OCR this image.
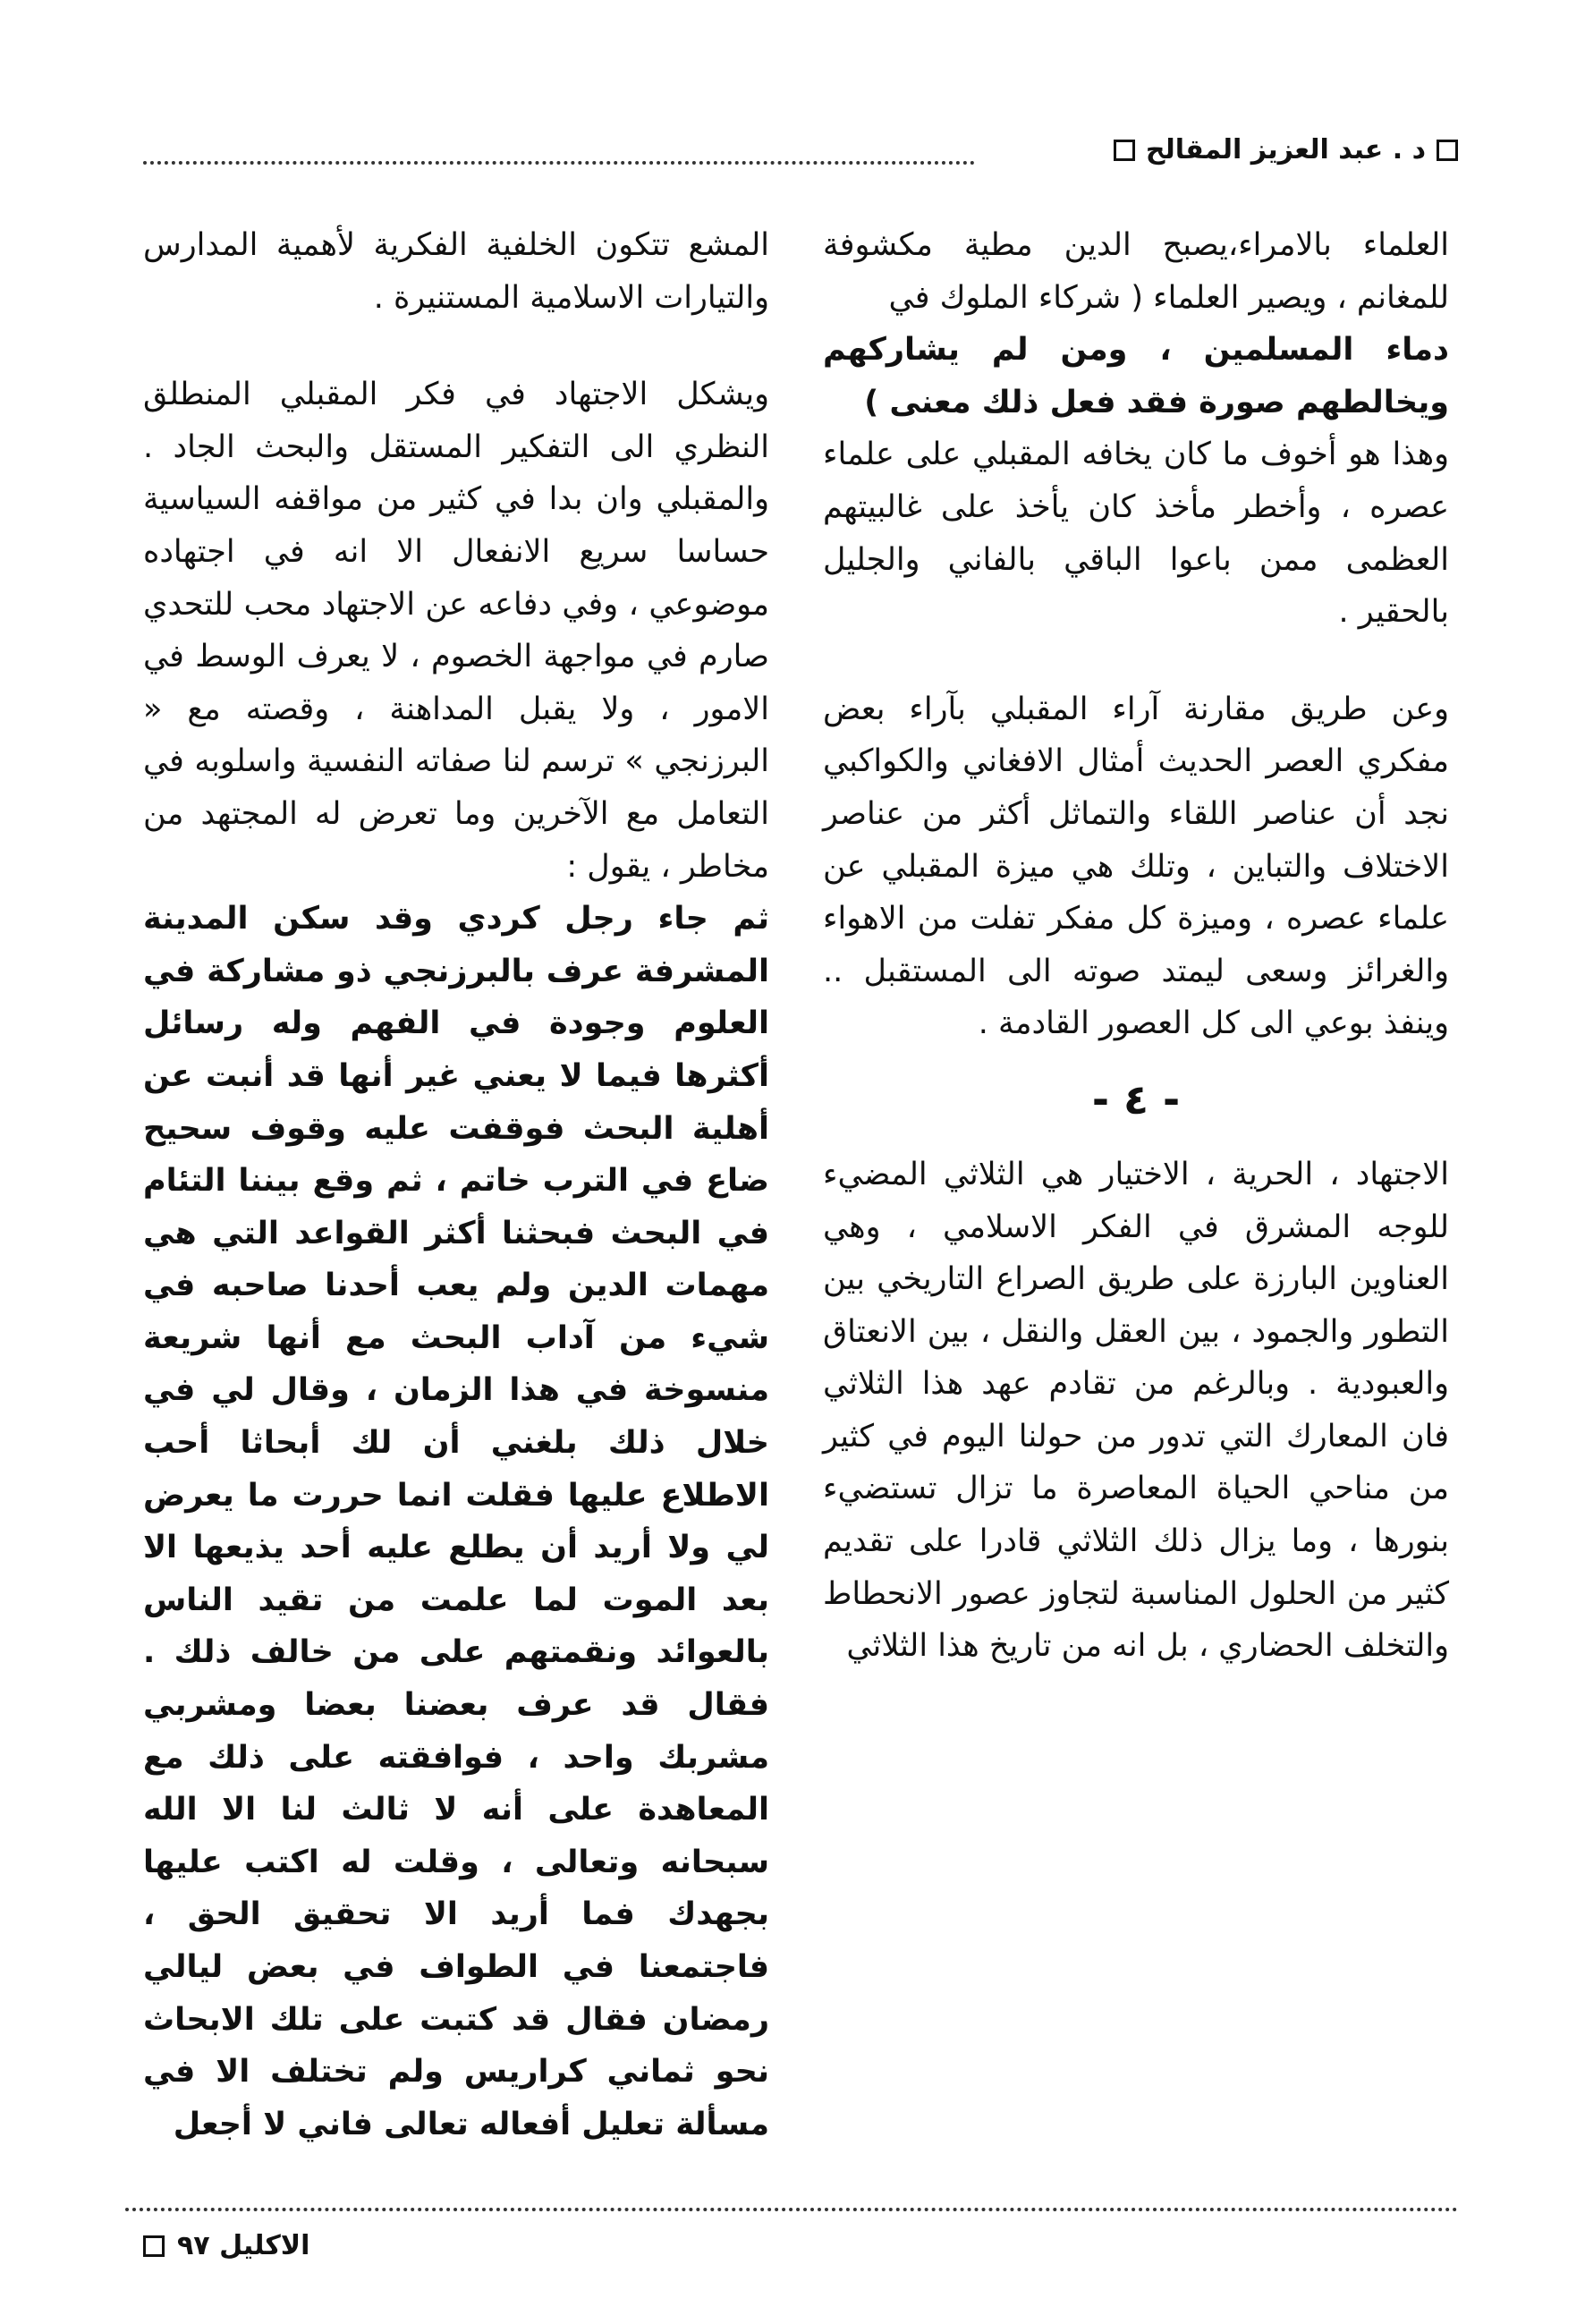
د . عبد العزيز المقالح

العلماء بالامراء،يصبح الدين مطية مكشوفة للمغانم ، ويصير العلماء ( شركاء الملوك في

دماء المسلمين ، ومن لم يشاركهم ويخالطهم صورة فقد فعل ذلك معنى )

وهذا هو أخوف ما كان يخافه المقبلي على علماء عصره ، وأخطر مأخذ كان يأخذ على غالبيتهم العظمى ممن باعوا الباقي بالفاني والجليل بالحقير .

وعن طريق مقارنة آراء المقبلي بآراء بعض مفكري العصر الحديث أمثال الافغاني والكواكبي نجد أن عناصر اللقاء والتماثل أكثر من عناصر الاختلاف والتباين ، وتلك هي ميزة المقبلي عن علماء عصره ، وميزة كل مفكر تفلت من الاهواء والغرائز وسعى ليمتد صوته الى المستقبل .. وينفذ بوعي الى كل العصور القادمة .

- ٤ -

الاجتهاد ، الحرية ، الاختيار هي الثلاثي المضيء للوجه المشرق في الفكر الاسلامي ، وهي العناوين البارزة على طريق الصراع التاريخي بين التطور والجمود ، بين العقل والنقل ، بين الانعتاق والعبودية . وبالرغم من تقادم عهد هذا الثلاثي فان المعارك التي تدور من حولنا اليوم في كثير من مناحي الحياة المعاصرة ما تزال تستضيء بنورها ، وما يزال ذلك الثلاثي قادرا على تقديم كثير من الحلول المناسبة لتجاوز عصور الانحطاط والتخلف الحضاري ، بل انه من تاريخ هذا الثلاثي

المشع تتكون الخلفية الفكرية لأهمية المدارس والتيارات الاسلامية المستنيرة .

ويشكل الاجتهاد في فكر المقبلي المنطلق النظري الى التفكير المستقل والبحث الجاد . والمقبلي وان بدا في كثير من مواقفه السياسية حساسا سريع الانفعال الا انه في اجتهاده موضوعي ، وفي دفاعه عن الاجتهاد محب للتحدي صارم في مواجهة الخصوم ، لا يعرف الوسط في الامور ، ولا يقبل المداهنة ، وقصته مع « البرزنجي » ترسم لنا صفاته النفسية واسلوبه في التعامل مع الآخرين وما تعرض له المجتهد من مخاطر ، يقول :

ثم جاء رجل كردي وقد سكن المدينة المشرفة عرف بالبرزنجي ذو مشاركة في العلوم وجودة في الفهم وله رسائل أكثرها فيما لا يعني غير أنها قد أنبت عن أهلية البحث فوقفت عليه وقوف سحيح ضاع في الترب خاتم ، ثم وقع بيننا التئام في البحث فبحثنا أكثر القواعد التي هي مهمات الدين ولم يعب أحدنا صاحبه في شيء من آداب البحث مع أنها شريعة منسوخة في هذا الزمان ، وقال لي في خلال ذلك بلغني أن لك أبحاثا أحب الاطلاع عليها فقلت انما حررت ما يعرض لي ولا أريد أن يطلع عليه أحد يذيعها الا بعد الموت لما علمت من تقيد الناس بالعوائد ونقمتهم على من خالف ذلك . فقال قد عرف بعضنا بعضا ومشربي مشربك واحد ، فوافقته على ذلك مع المعاهدة على أنه لا ثالث لنا الا الله سبحانه وتعالى ، وقلت له اكتب عليها بجهدك فما أريد الا تحقيق الحق ، فاجتمعنا في الطواف في بعض ليالي رمضان فقال قد كتبت على تلك الابحاث نحو ثماني كراريس ولم تختلف الا في مسألة تعليل أفعاله تعالى فاني لا أجعل

الاكليل ٩٧
